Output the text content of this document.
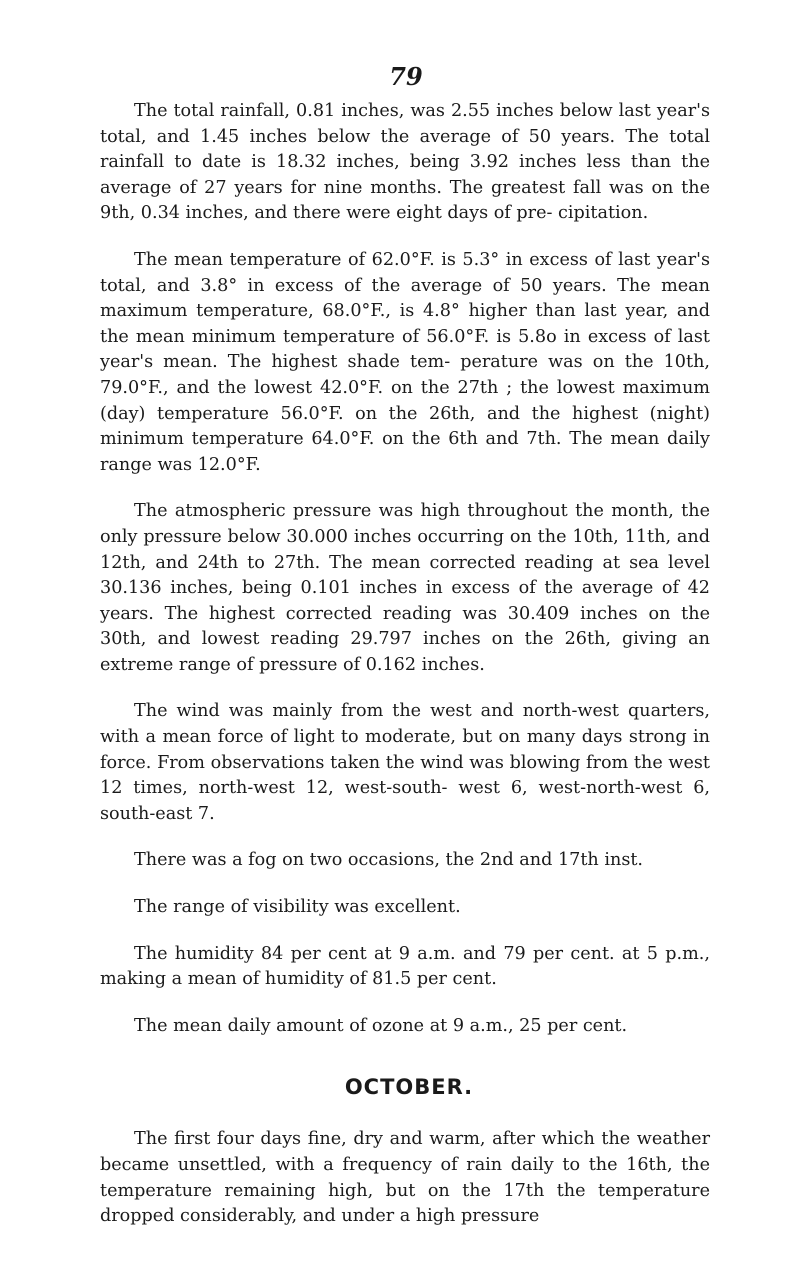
79

The total rainfall, 0.81 inches, was 2.55 inches below last year's total, and 1.45 inches below the average of 50 years. The total rainfall to date is 18.32 inches, being 3.92 inches less than the average of 27 years for nine months. The greatest fall was on the 9th, 0.34 inches, and there were eight days of pre- cipitation.

The mean temperature of 62.0°F. is 5.3° in excess of last year's total, and 3.8° in excess of the average of 50 years. The mean maximum temperature, 68.0°F., is 4.8° higher than last year, and the mean minimum temperature of 56.0°F. is 5.8o in excess of last year's mean. The highest shade tem- perature was on the 10th, 79.0°F., and the lowest 42.0°F. on the 27th ; the lowest maximum (day) temperature 56.0°F. on the 26th, and the highest (night) minimum temperature 64.0°F. on the 6th and 7th. The mean daily range was 12.0°F.

The atmospheric pressure was high throughout the month, the only pressure below 30.000 inches occurring on the 10th, 11th, and 12th, and 24th to 27th. The mean corrected reading at sea level 30.136 inches, being 0.101 inches in excess of the average of 42 years. The highest corrected reading was 30.409 inches on the 30th, and lowest reading 29.797 inches on the 26th, giving an extreme range of pressure of 0.162 inches.

The wind was mainly from the west and north-west quarters, with a mean force of light to moderate, but on many days strong in force. From observations taken the wind was blowing from the west 12 times, north-west 12, west-south- west 6, west-north-west 6, south-east 7.

There was a fog on two occasions, the 2nd and 17th inst.

The range of visibility was excellent.

The humidity 84 per cent at 9 a.m. and 79 per cent. at 5 p.m., making a mean of humidity of 81.5 per cent.

The mean daily amount of ozone at 9 a.m., 25 per cent.

OCTOBER.

The first four days fine, dry and warm, after which the weather became unsettled, with a frequency of rain daily to the 16th, the temperature remaining high, but on the 17th the temperature dropped considerably, and under a high pressure
